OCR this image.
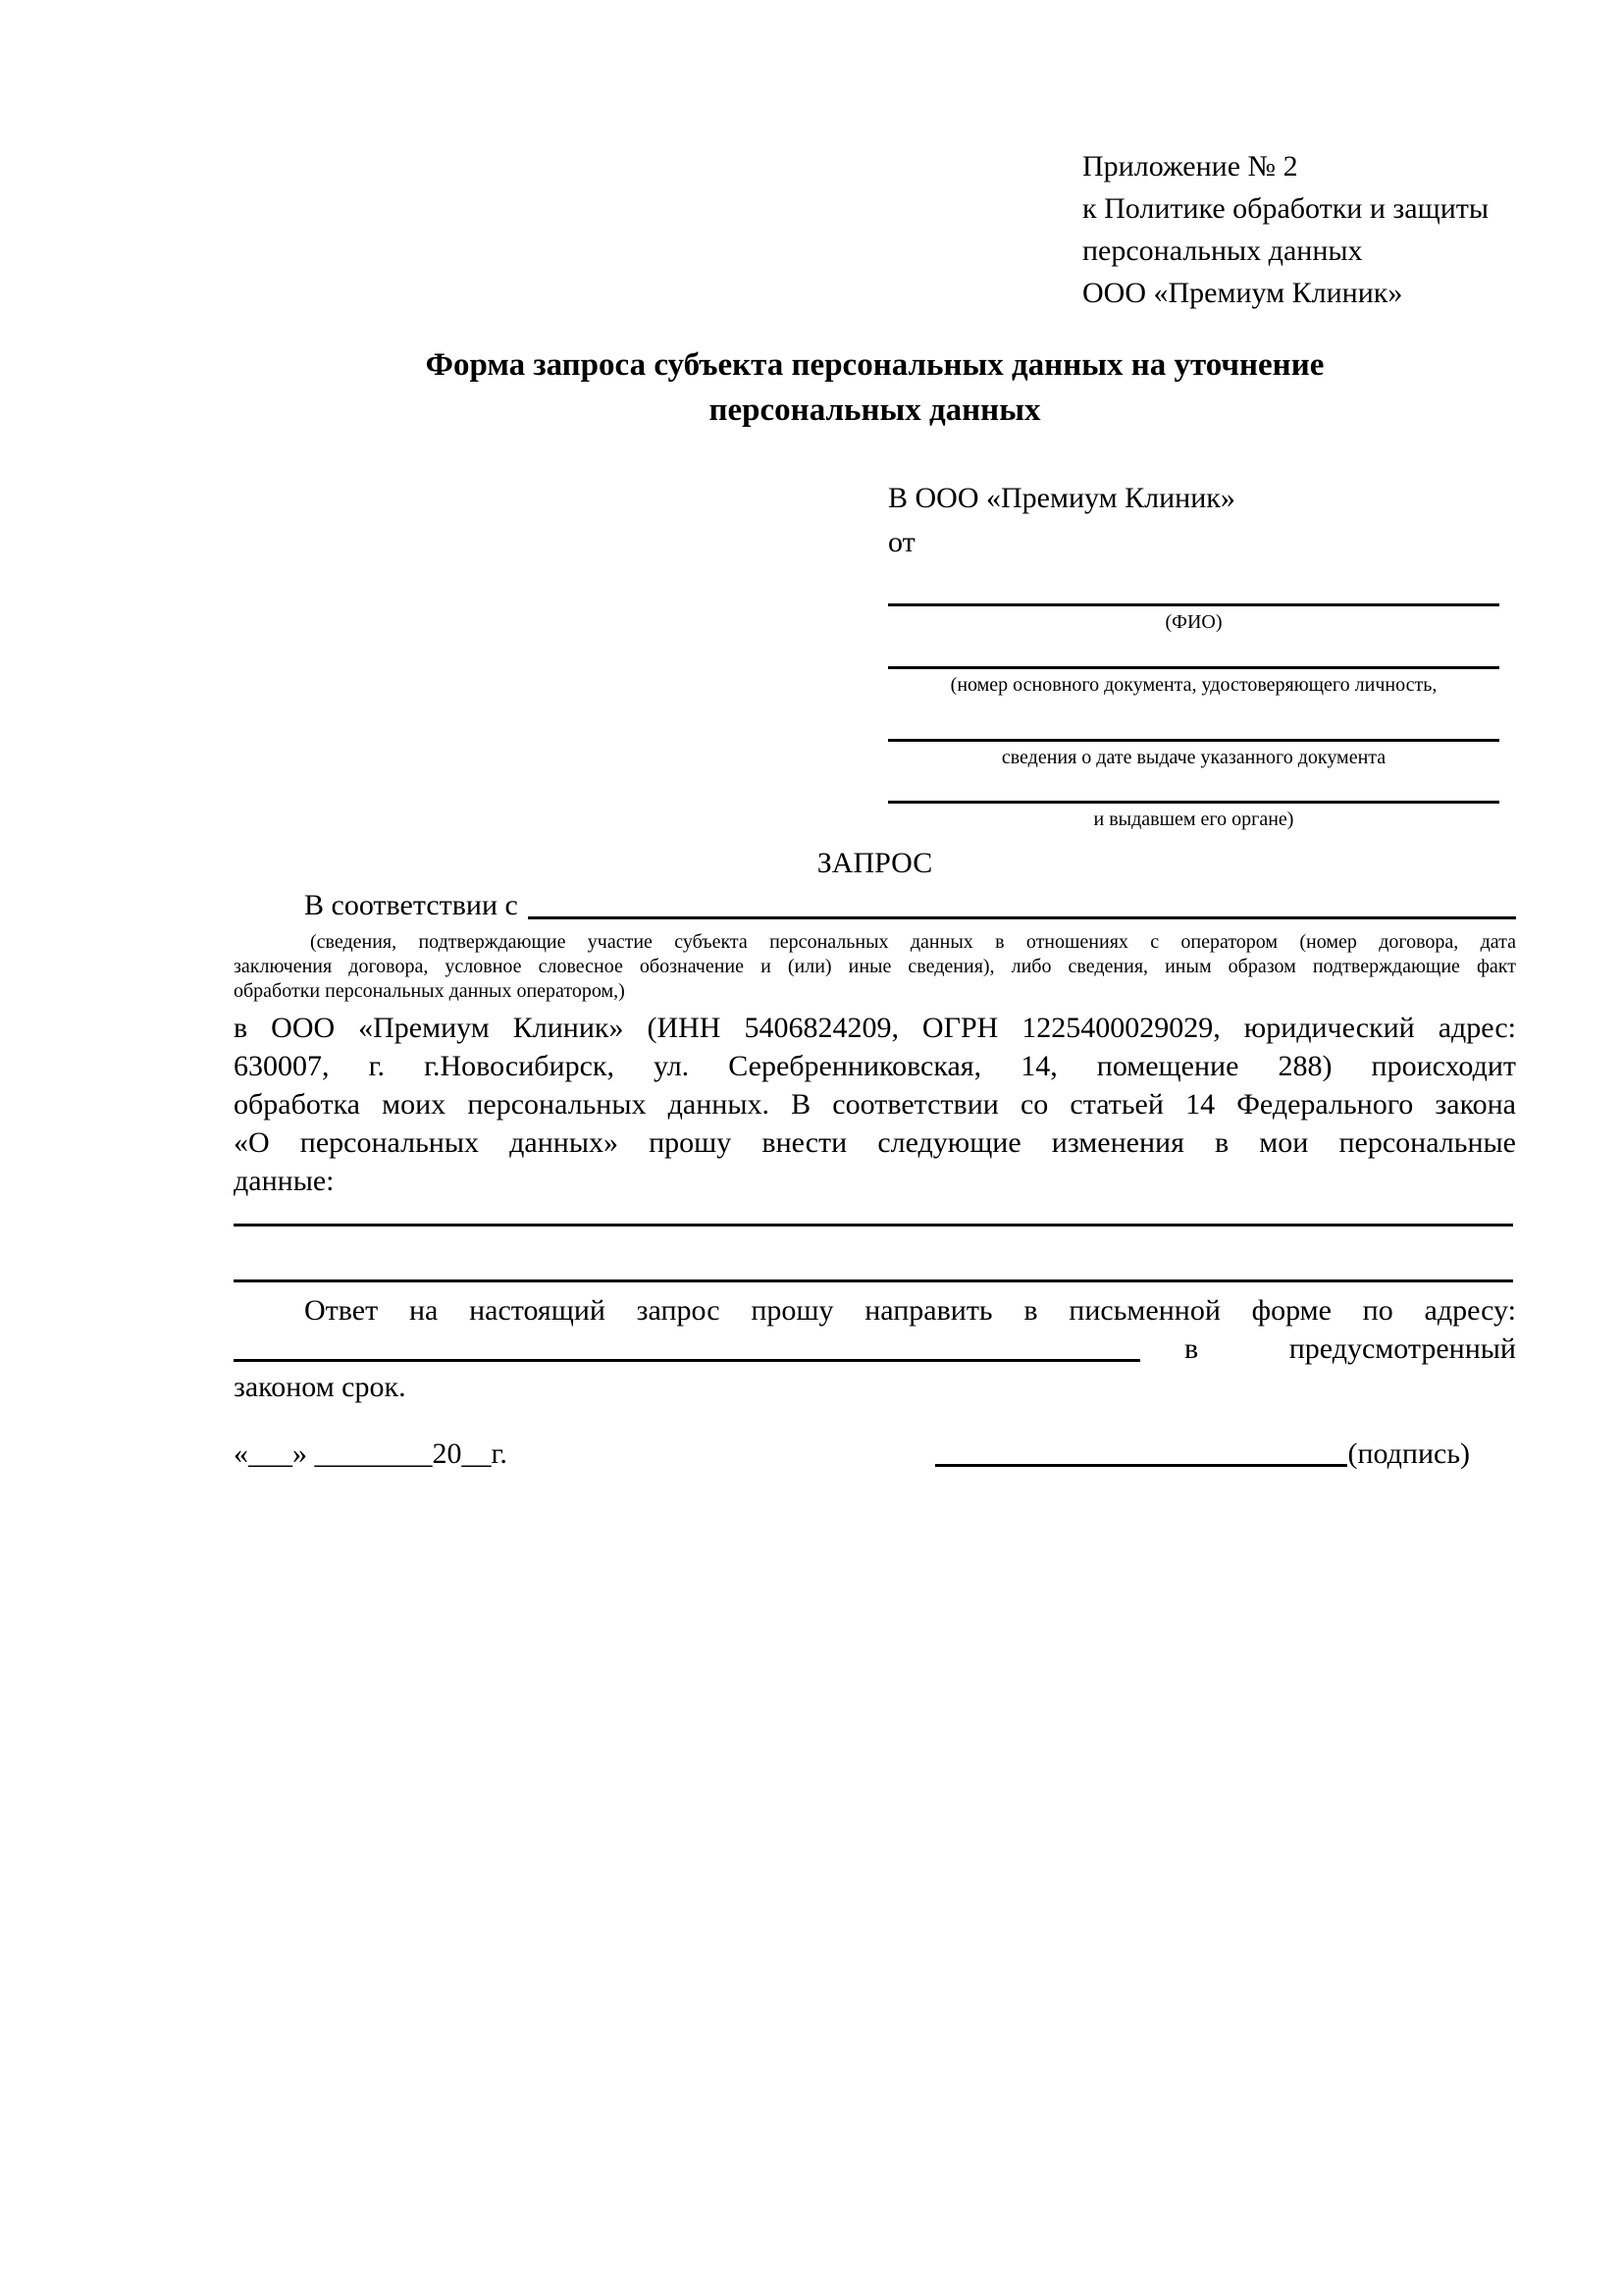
Приложение № 2
к Политике обработки и защиты
персональных данных
ООО «Премиум Клиник»
Форма запроса субъекта персональных данных на уточнение персональных данных
В ООО «Премиум Клиник»
от
(ФИО)
(номер основного документа, удостоверяющего личность,
сведения о дате выдаче указанного документа
и выдавшем его органе)
ЗАПРОС
В соответствии с
(сведения, подтверждающие участие субъекта персональных данных в отношениях с оператором (номер договора, дата
заключения договора, условное словесное обозначение и (или) иные сведения), либо сведения, иным образом подтверждающие факт
обработки персональных данных оператором,)
в ООО «Премиум Клиник» (ИНН 5406824209, ОГРН 1225400029029, юридический адрес:
630007, г. г.Новосибирск, ул. Серебренниковская, 14, помещение 288) происходит
обработка моих персональных данных. В соответствии со статьей 14 Федерального закона
«О персональных данных» прошу внести следующие изменения в мои персональные
данные:
Ответ на настоящий запрос прошу направить в письменной форме по адресу:
в	предусмотренный
законом срок.
«___» ________20__г.	(подпись)
